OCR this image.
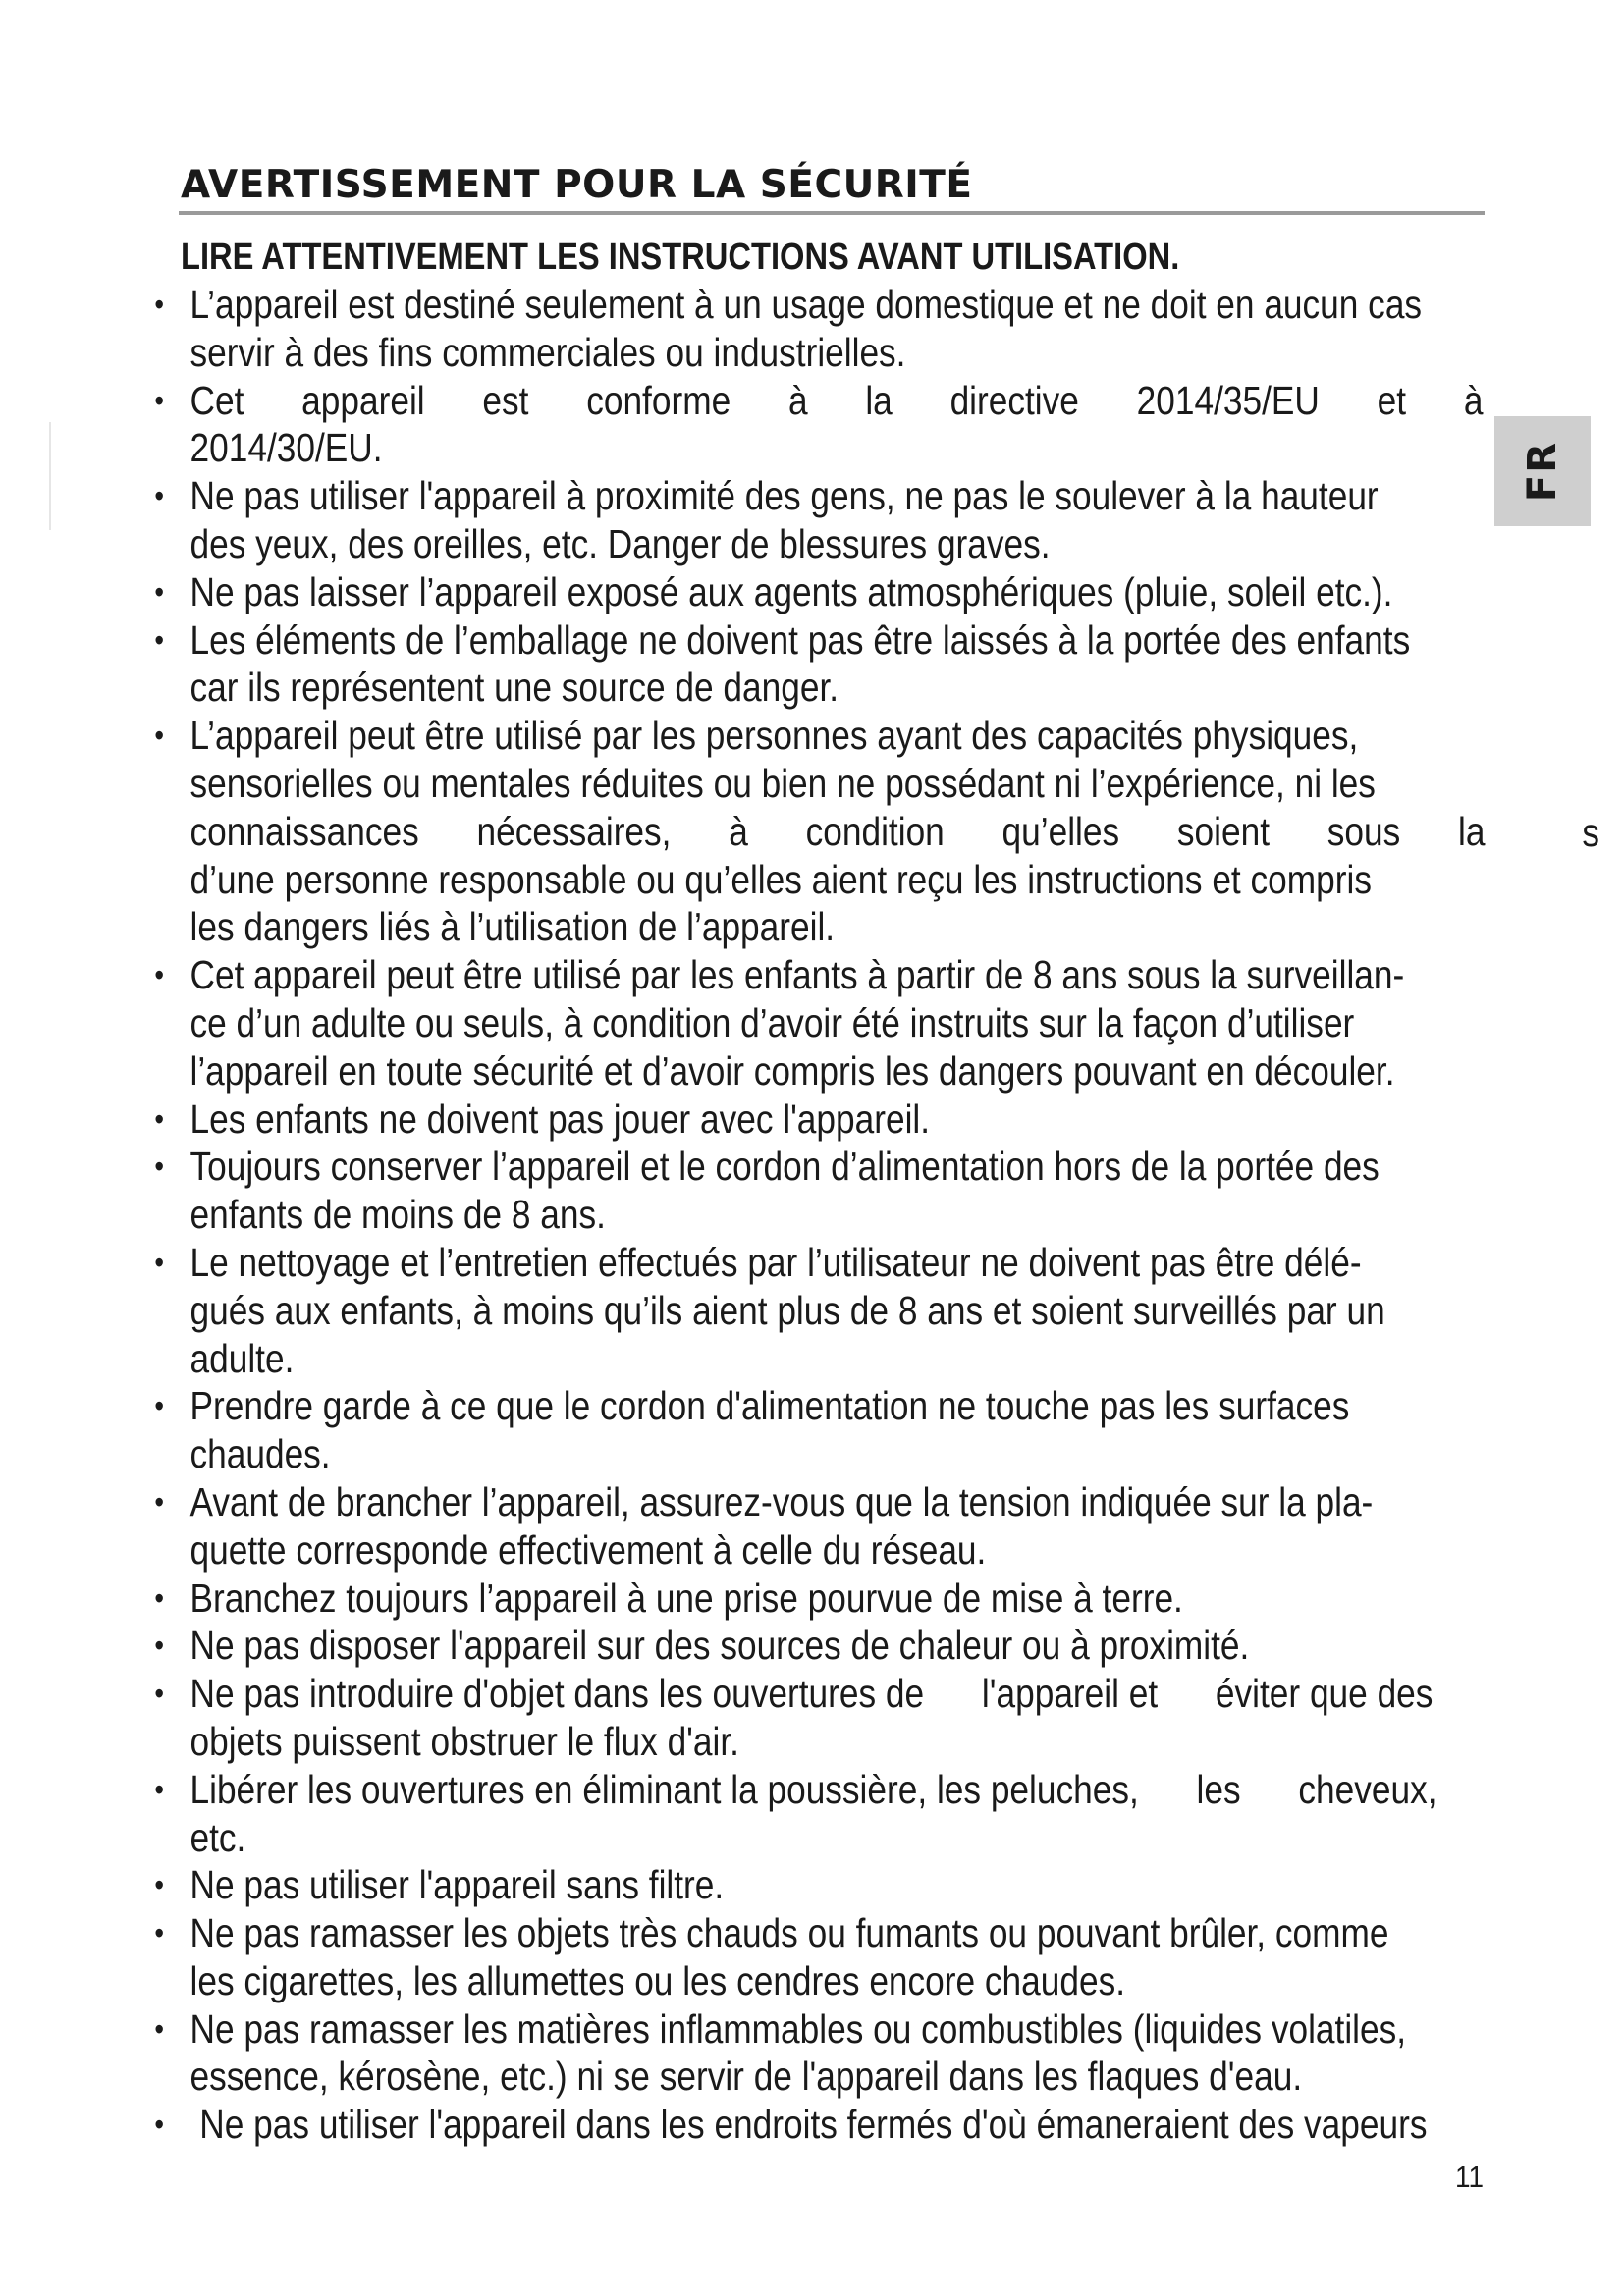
AVERTISSEMENT POUR LA SÉCURITÉ
LIRE ATTENTIVEMENT LES INSTRUCTIONS AVANT UTILISATION.
FR
• L’appareil est destiné seulement à un usage domestique et ne doit en aucun cas
servir à des fins commerciales ou industrielles.
• Cet      appareil      est      conforme      à      la      directive      2014/35/EU      et      à
2014/30/EU.
• Ne pas utiliser l'appareil à proximité des gens, ne pas le soulever à la hauteur
des yeux, des oreilles, etc. Danger de blessures graves.
• Ne pas laisser l’appareil exposé aux agents atmosphériques (pluie, soleil etc.).
• Les éléments de l’emballage ne doivent pas être laissés à la portée des enfants
car ils représentent une source de danger.
• L’appareil peut être utilisé par les personnes ayant des capacités physiques,
sensorielles ou mentales réduites ou bien ne possédant ni l’expérience, ni les
connaissances      nécessaires,      à      condition      qu’elles      soient      sous      la
d’une personne responsable ou qu’elles aient reçu les instructions et compris
les dangers liés à l’utilisation de l’appareil.
• Cet appareil peut être utilisé par les enfants à partir de 8 ans sous la surveillan-
ce d’un adulte ou seuls, à condition d’avoir été instruits sur la façon d’utiliser
l’appareil en toute sécurité et d’avoir compris les dangers pouvant en découler.
• Les enfants ne doivent pas jouer avec l'appareil.
• Toujours conserver l’appareil et le cordon d’alimentation hors de la portée des
enfants de moins de 8 ans.
• Le nettoyage et l’entretien effectués par l’utilisateur ne doivent pas être délé-
gués aux enfants, à moins qu’ils aient plus de 8 ans et soient surveillés par un
adulte.
• Prendre garde à ce que le cordon d'alimentation ne touche pas les surfaces
chaudes.
• Avant de brancher l’appareil, assurez-vous que la tension indiquée sur la pla-
quette corresponde effectivement à celle du réseau.
• Branchez toujours l’appareil à une prise pourvue de mise à terre.
• Ne pas disposer l'appareil sur des sources de chaleur ou à proximité.
• Ne pas introduire d'objet dans les ouvertures de      l'appareil et      éviter que des
objets puissent obstruer le flux d'air.
• Libérer les ouvertures en éliminant la poussière, les peluches,      les      cheveux,
etc.
• Ne pas utiliser l'appareil sans filtre.
• Ne pas ramasser les objets très chauds ou fumants ou pouvant brûler, comme
les cigarettes, les allumettes ou les cendres encore chaudes.
• Ne pas ramasser les matières inflammables ou combustibles (liquides volatiles,
essence, kérosène, etc.) ni se servir de l'appareil dans les flaques d'eau.
•  Ne pas utiliser l'appareil dans les endroits fermés d'où émaneraient des vapeurs
s
11
